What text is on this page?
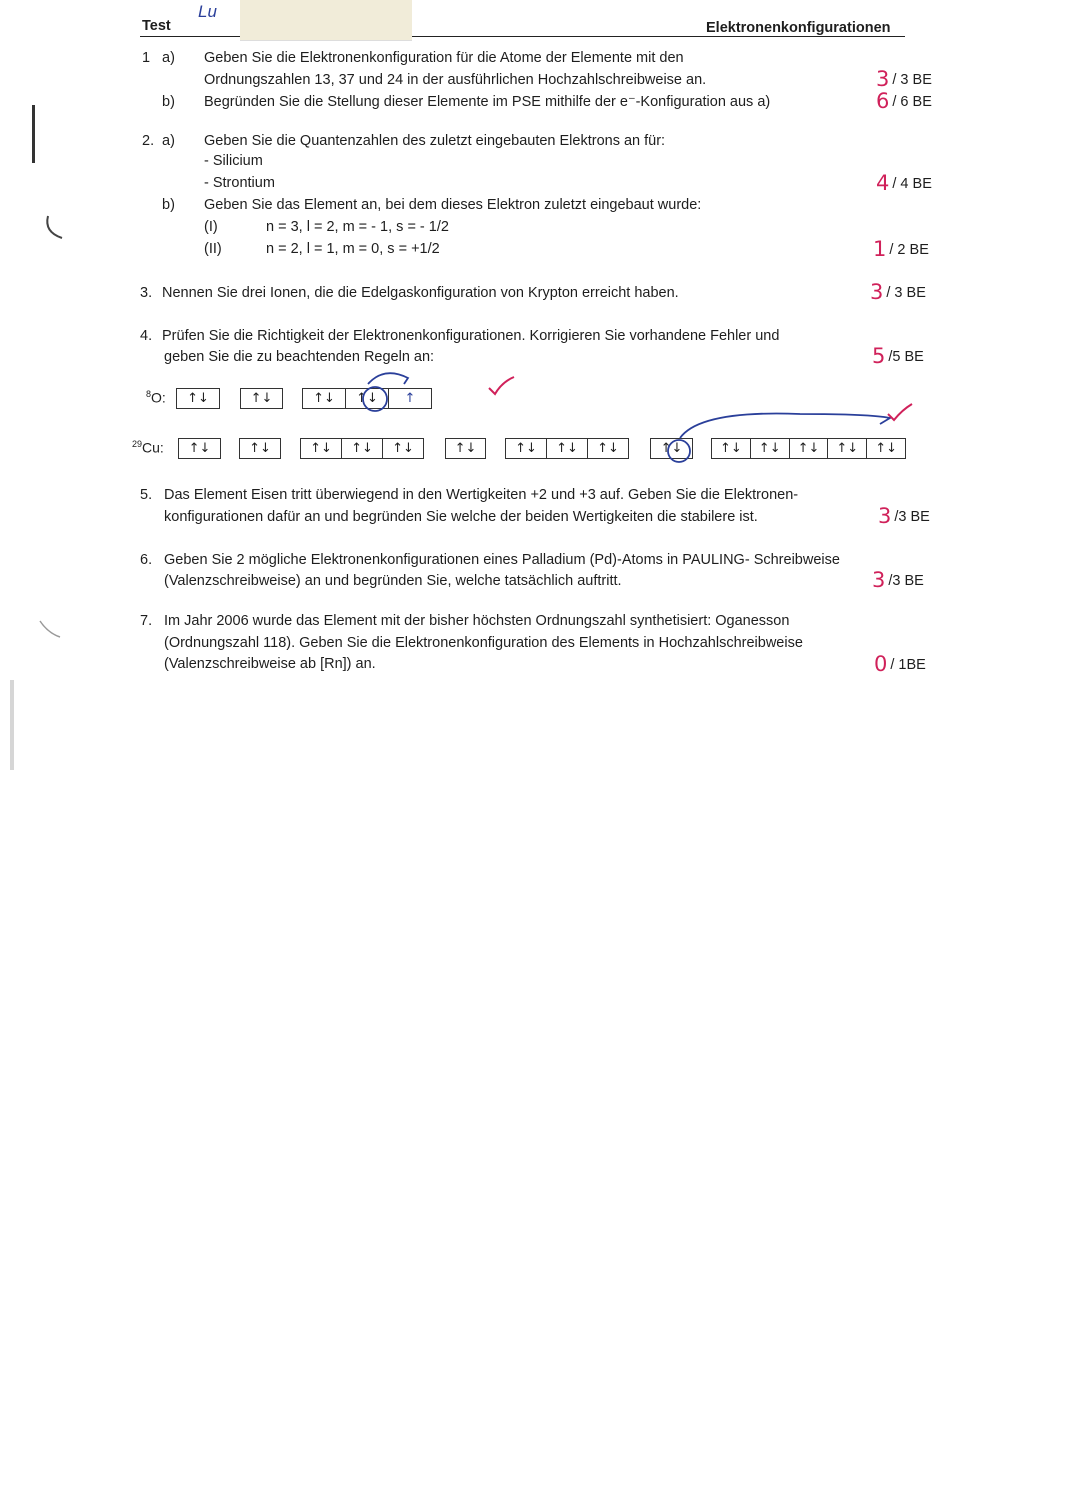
Test
Lu
Elektronenkonfigurationen
1 a) Geben Sie die Elektronenkonfiguration für die Atome der Elemente mit den
Ordnungszahlen 13, 37 und 24 in der ausführlichen Hochzahlschreibweise an.	3 / 3 BE
b) Begründen Sie die Stellung dieser Elemente im PSE mithilfe der e⁻-Konfiguration aus a)	6 / 6 BE
2. a) Geben Sie die Quantenzahlen des zuletzt eingebauten Elektrons an für:
- Silicium
- Strontium	4 / 4 BE
b) Geben Sie das Element an, bei dem dieses Elektron zuletzt eingebaut wurde:
(I)	n = 3, l = 2, m = - 1, s = - 1/2
(II)	n = 2, l = 1, m = 0, s = +1/2	1 / 2 BE
3. Nennen Sie drei Ionen, die die Edelgaskonfiguration von Krypton erreicht haben.	3 / 3 BE
4. Prüfen Sie die Richtigkeit der Elektronenkonfigurationen. Korrigieren Sie vorhandene Fehler und
geben Sie die zu beachtenden Regeln an:	5 /5 BE
$^8$O:	↑↓	↑↓	↑↓	↑↓	↑
$^{29}$Cu:	↑↓	↑↓	↑↓	↑↓	↑↓	↑↓	↑↓	↑↓	↑↓	↑↓	↑↓	↑↓	↑↓	↑↓	↑↓
5. Das Element Eisen tritt überwiegend in den Wertigkeiten +2 und +3 auf. Geben Sie die Elektronen-
konfigurationen dafür an und begründen Sie welche der beiden Wertigkeiten die stabilere ist.	3 /3 BE
6. Geben Sie 2 mögliche Elektronenkonfigurationen eines Palladium (Pd)-Atoms in PAULING- Schreibweise
(Valenzschreibweise) an und begründen Sie, welche tatsächlich auftritt.	3 /3 BE
7. Im Jahr 2006 wurde das Element mit der bisher höchsten Ordnungszahl synthetisiert: Oganesson
(Ordnungszahl 118). Geben Sie die Elektronenkonfiguration des Elements in Hochzahlschreibweise
(Valenzschreibweise ab [Rn]) an.	0 / 1BE
